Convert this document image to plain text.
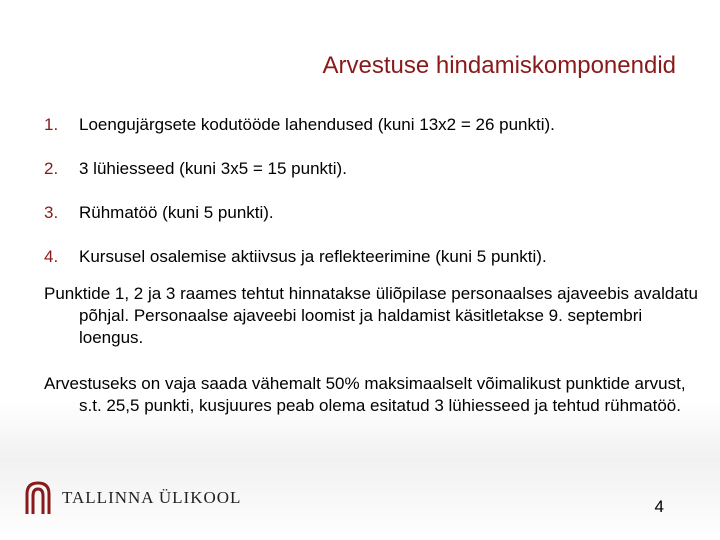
Arvestuse hindamiskomponendid
1.	Loengujärgsete kodutööde lahendused (kuni 13x2 = 26 punkti).
2.	3 lühiesseed (kuni 3x5 = 15 punkti).
3.	Rühmatöö (kuni 5 punkti).
4.	Kursusel osalemise aktiivsus ja reflekteerimine (kuni 5 punkti).
Punktide 1, 2 ja 3 raames tehtut hinnatakse üliõpilase personaalses ajaveebis avaldatu põhjal. Personaalse ajaveebi loomist ja haldamist käsitletakse 9. septembri loengus.
Arvestuseks on vaja saada vähemalt 50% maksimaalselt võimalikust punktide arvust, s.t. 25,5 punkti, kusjuures peab olema esitatud 3 lühiesseed ja tehtud rühmatöö.
TALLINNA ÜLIKOOL	4
